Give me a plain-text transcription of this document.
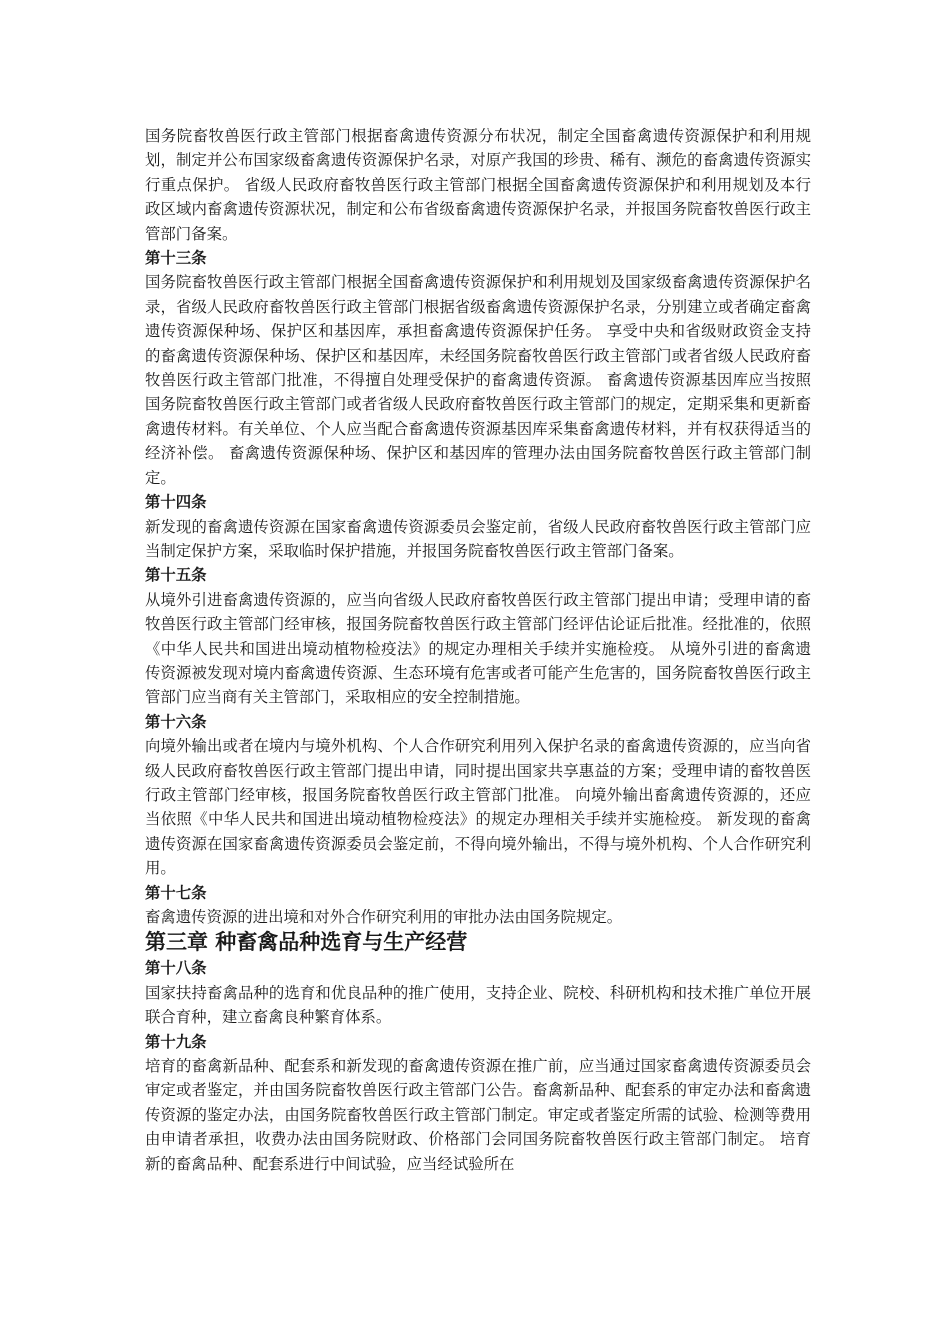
国务院畜牧兽医行政主管部门根据畜禽遗传资源分布状况，制定全国畜禽遗传资源保护和利用规划，制定并公布国家级畜禽遗传资源保护名录，对原产我国的珍贵、稀有、濒危的畜禽遗传资源实行重点保护。 省级人民政府畜牧兽医行政主管部门根据全国畜禽遗传资源保护和利用规划及本行政区域内畜禽遗传资源状况，制定和公布省级畜禽遗传资源保护名录，并报国务院畜牧兽医行政主管部门备案。

第十三条

国务院畜牧兽医行政主管部门根据全国畜禽遗传资源保护和利用规划及国家级畜禽遗传资源保护名录，省级人民政府畜牧兽医行政主管部门根据省级畜禽遗传资源保护名录，分别建立或者确定畜禽遗传资源保种场、保护区和基因库，承担畜禽遗传资源保护任务。 享受中央和省级财政资金支持的畜禽遗传资源保种场、保护区和基因库，未经国务院畜牧兽医行政主管部门或者省级人民政府畜牧兽医行政主管部门批准，不得擅自处理受保护的畜禽遗传资源。 畜禽遗传资源基因库应当按照国务院畜牧兽医行政主管部门或者省级人民政府畜牧兽医行政主管部门的规定，定期采集和更新畜禽遗传材料。有关单位、个人应当配合畜禽遗传资源基因库采集畜禽遗传材料，并有权获得适当的经济补偿。 畜禽遗传资源保种场、保护区和基因库的管理办法由国务院畜牧兽医行政主管部门制定。

第十四条

新发现的畜禽遗传资源在国家畜禽遗传资源委员会鉴定前，省级人民政府畜牧兽医行政主管部门应当制定保护方案，采取临时保护措施，并报国务院畜牧兽医行政主管部门备案。

第十五条

从境外引进畜禽遗传资源的，应当向省级人民政府畜牧兽医行政主管部门提出申请；受理申请的畜牧兽医行政主管部门经审核，报国务院畜牧兽医行政主管部门经评估论证后批准。经批准的，依照《中华人民共和国进出境动植物检疫法》的规定办理相关手续并实施检疫。 从境外引进的畜禽遗传资源被发现对境内畜禽遗传资源、生态环境有危害或者可能产生危害的，国务院畜牧兽医行政主管部门应当商有关主管部门，采取相应的安全控制措施。

第十六条

向境外输出或者在境内与境外机构、个人合作研究利用列入保护名录的畜禽遗传资源的，应当向省级人民政府畜牧兽医行政主管部门提出申请，同时提出国家共享惠益的方案；受理申请的畜牧兽医行政主管部门经审核，报国务院畜牧兽医行政主管部门批准。 向境外输出畜禽遗传资源的，还应当依照《中华人民共和国进出境动植物检疫法》的规定办理相关手续并实施检疫。 新发现的畜禽遗传资源在国家畜禽遗传资源委员会鉴定前，不得向境外输出，不得与境外机构、个人合作研究利用。

第十七条

畜禽遗传资源的进出境和对外合作研究利用的审批办法由国务院规定。

第三章 种畜禽品种选育与生产经营

第十八条

国家扶持畜禽品种的选育和优良品种的推广使用，支持企业、院校、科研机构和技术推广单位开展联合育种，建立畜禽良种繁育体系。

第十九条

培育的畜禽新品种、配套系和新发现的畜禽遗传资源在推广前，应当通过国家畜禽遗传资源委员会审定或者鉴定，并由国务院畜牧兽医行政主管部门公告。畜禽新品种、配套系的审定办法和畜禽遗传资源的鉴定办法，由国务院畜牧兽医行政主管部门制定。审定或者鉴定所需的试验、检测等费用由申请者承担，收费办法由国务院财政、价格部门会同国务院畜牧兽医行政主管部门制定。 培育新的畜禽品种、配套系进行中间试验，应当经试验所在
